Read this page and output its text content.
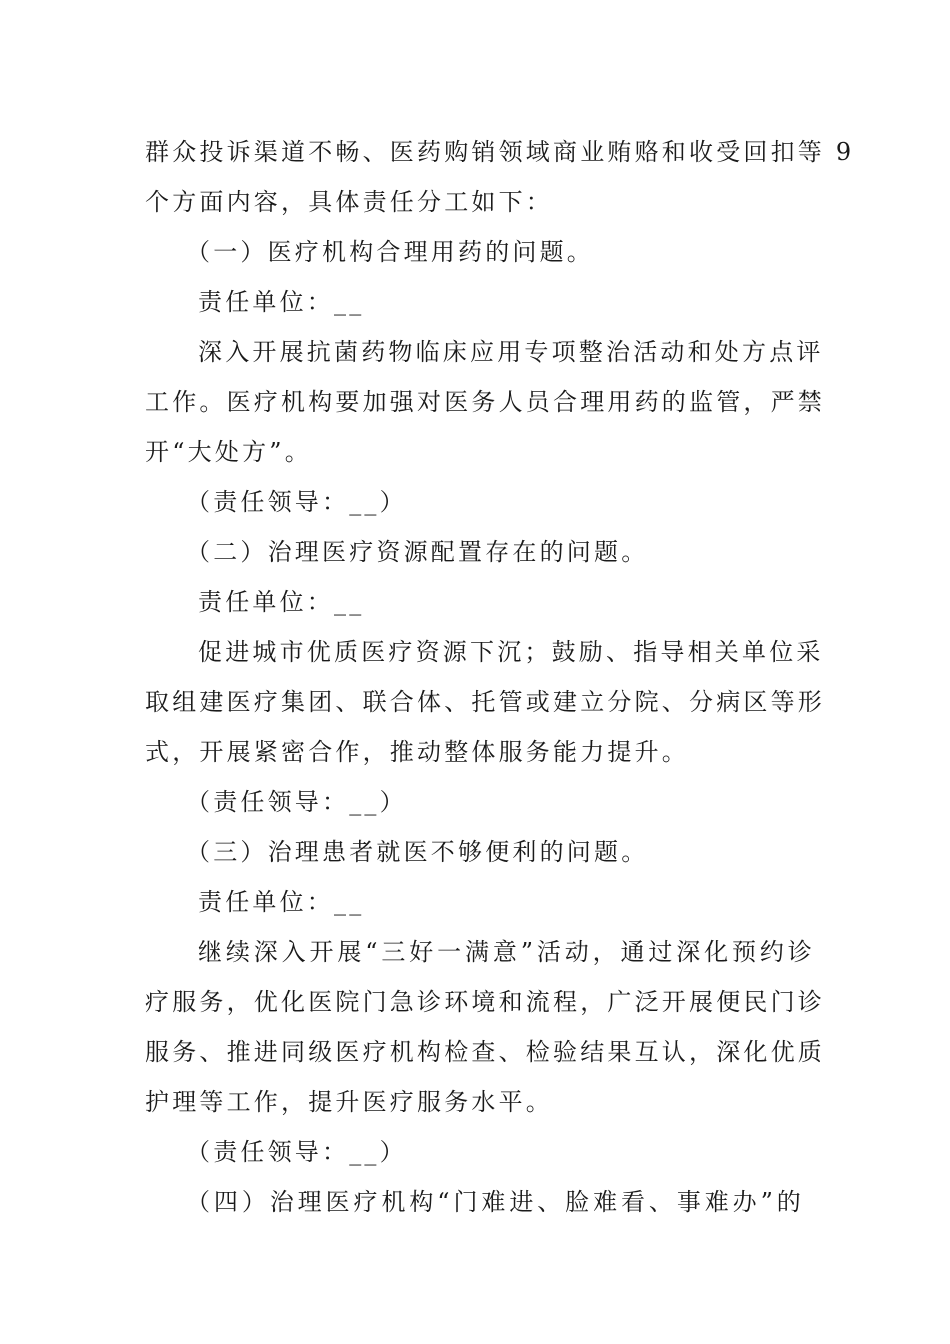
群众投诉渠道不畅、医药购销领域商业贿赂和收受回扣等 9
个方面内容，具体责任分工如下：
（一）医疗机构合理用药的问题。
责任单位：__
深入开展抗菌药物临床应用专项整治活动和处方点评
工作。医疗机构要加强对医务人员合理用药的监管，严禁
开“大处方”。
（责任领导：__）
（二）治理医疗资源配置存在的问题。
责任单位：__
促进城市优质医疗资源下沉；鼓励、指导相关单位采
取组建医疗集团、联合体、托管或建立分院、分病区等形
式，开展紧密合作，推动整体服务能力提升。
（责任领导：__）
（三）治理患者就医不够便利的问题。
责任单位：__
继续深入开展“三好一满意”活动，通过深化预约诊
疗服务，优化医院门急诊环境和流程，广泛开展便民门诊
服务、推进同级医疗机构检查、检验结果互认，深化优质
护理等工作，提升医疗服务水平。
（责任领导：__）
（四）治理医疗机构“门难进、脸难看、事难办”的
